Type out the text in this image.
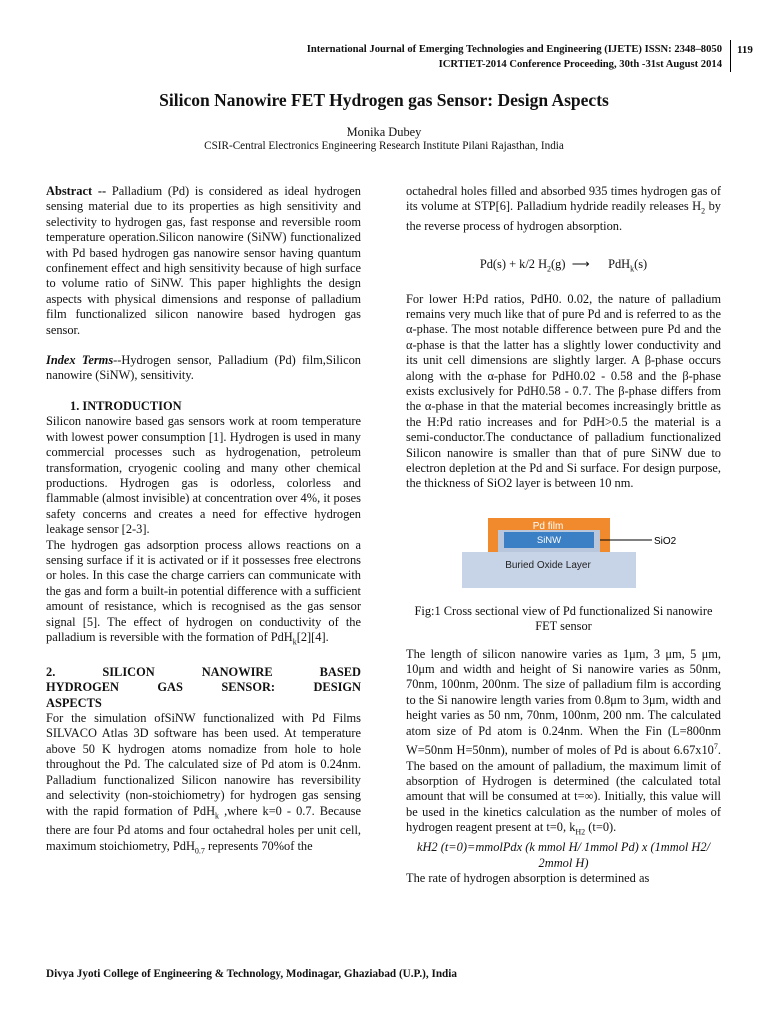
International Journal of Emerging Technologies and Engineering (IJETE) ISSN: 2348–8050
ICRTIET-2014 Conference Proceeding, 30th -31st August 2014
119
Silicon Nanowire FET Hydrogen gas Sensor: Design Aspects
Monika Dubey
CSIR-Central Electronics Engineering Research Institute Pilani Rajasthan, India

Abstract -- Palladium (Pd) is considered as ideal hydrogen sensing material due to its properties as high sensitivity and selectivity to hydrogen gas, fast response and reversible room temperature operation.Silicon nanowire (SiNW) functionalized with Pd based hydrogen gas nanowire sensor having quantum confinement effect and high sensitivity because of high surface to volume ratio of SiNW. This paper highlights the design aspects with physical dimensions and response of palladium film functionalized silicon nanowire based hydrogen gas sensor.

Index Terms--Hydrogen sensor, Palladium (Pd) film,Silicon nanowire (SiNW), sensitivity.

1. INTRODUCTION

Silicon nanowire based gas sensors work at room temperature with lowest power consumption [1]. Hydrogen is used in many commercial processes such as hydrogenation, petroleum transformation, cryogenic cooling and many other chemical productions. Hydrogen gas is odorless, colorless and flammable (almost invisible) at concentration over 4%, it poses safety concerns and creates a need for effective hydrogen leakage sensor [2-3].

The hydrogen gas adsorption process allows reactions on a sensing surface if it is activated or if it possesses free electrons or holes. In this case the charge carriers can communicate with the gas and form a built-in potential difference with a sufficient amount of resistance, which is recognised as the gas sensor signal [5]. The effect of hydrogen on conductivity of the palladium is reversible with the formation of PdH$_k$[2][4].

2. SILICON NANOWIRE BASED

HYDROGEN GAS SENSOR: DESIGN

ASPECTS

For the simulation ofSiNW functionalized with Pd Films SILVACO Atlas 3D software has been used. At temperature above 50 K hydrogen atoms nomadize from hole to hole throughout the Pd. The calculated size of Pd atom is 0.24nm. Palladium functionalized Silicon nanowire has reversibility and selectivity (non-stoichiometry) for hydrogen gas sensing with the rapid formation of PdH$_k$ ,where k=0 - 0.7. Because there are four Pd atoms and four octahedral holes per unit cell, maximum stoichiometry, PdH$_{0.7}$ represents 70%of the

octahedral holes filled and absorbed 935 times hydrogen gas of its volume at STP[6]. Palladium hydride readily releases $H_2$ by the reverse process of hydrogen absorption.

Pd(s) + k/2 $H_2(g)$ ⟶ PdH$_k$(s)

For lower H:Pd ratios, PdH0. 0.02, the nature of palladium remains very much like that of pure Pd and is referred to as the α-phase. The most notable difference between pure Pd and the α-phase is that the latter has a slightly lower conductivity and its unit cell dimensions are slightly larger. A β-phase occurs along with the α-phase for PdH0.02 - 0.58 and the β-phase exists exclusively for PdH0.58 - 0.7. The β-phase differs from the α-phase in that the material becomes increasingly brittle as the H:Pd ratio increases and for PdH>0.5 the material is a semi-conductor.The conductance of palladium functionalized Silicon nanowire is smaller than that of pure SiNW due to electron depletion at the Pd and Si surface. For design purpose, the thickness of SiO2 layer is between 10 nm.

Pd film
SiNW	SiO2
Buried Oxide Layer

Fig:1 Cross sectional view of Pd functionalized Si nanowire FET sensor

The length of silicon nanowire varies as 1μm, 3 μm, 5 μm, 10μm and width and height of Si nanowire varies as 50nm, 70nm, 100nm, 200nm. The size of palladium film is according to the Si nanowire length varies from 0.8μm to 3μm, width and height varies as 50 nm, 70nm, 100nm, 200 nm. The calculated atom size of Pd atom is 0.24nm. When the Fin (L=800nm W=50nm H=50nm), number of moles of Pd is about $6.67x10^7$. The based on the amount of palladium, the maximum limit of absorption of Hydrogen is determined (the calculated total amount that will be consumed at t=∞). Initially, this value will be used in the kinetics calculation as the number of moles of hydrogen reagent present at t=0, $k_{H2}$ (t=0).

kH2 (t=0)=mmolPdx (k mmol H/ 1mmol Pd) x (1mmol H2/ 2mmol H)

The rate of hydrogen absorption is determined as

Divya Jyoti College of Engineering & Technology, Modinagar, Ghaziabad (U.P.), India
